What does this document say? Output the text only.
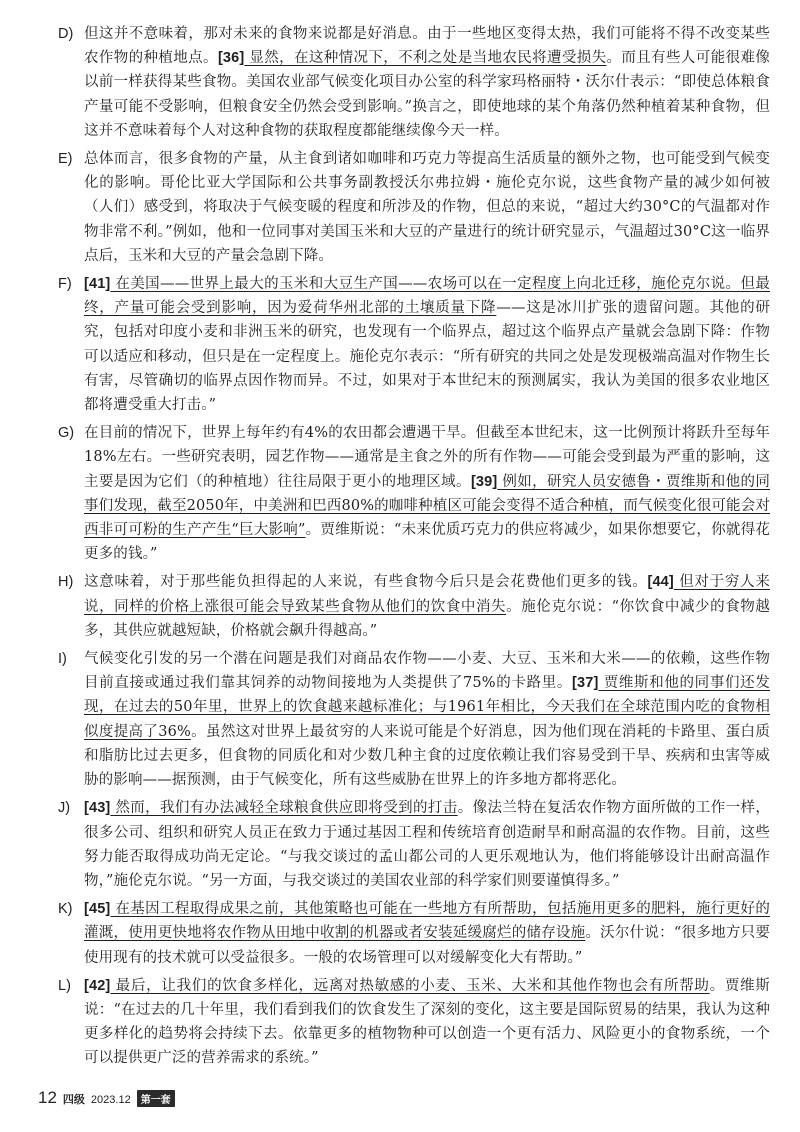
D) 但这并不意味着，那对未来的食物来说都是好消息。由于一些地区变得太热，我们可能将不得不改变某些农作物的种植地点。[36] 显然，在这种情况下，不利之处是当地农民将遭受损失。而且有些人可能很难像以前一样获得某些食物。美国农业部气候变化项目办公室的科学家玛格丽特・沃尔什表示：“即使总体粮食产量可能不受影响，但粮食安全仍然会受到影响。”换言之，即使地球的某个角落仍然种植着某种食物，但这并不意味着每个人对这种食物的获取程度都能继续像今天一样。
E) 总体而言，很多食物的产量，从主食到诸如咖啡和巧克力等提高生活质量的额外之物，也可能受到气候变化的影响。哥伦比亚大学国际和公共事务副教授沃尔弗拉姆・施伦克尔说，这些食物产量的减少如何被（人们）感受到，将取决于气候变暖的程度和所涉及的作物，但总的来说，“超过大约30°C的气温都对作物非常不利。”例如，他和一位同事对美国玉米和大豆的产量进行的统计研究显示，气温超过30°C这一临界点后，玉米和大豆的产量会急剧下降。
F) [41] 在美国——世界上最大的玉米和大豆生产国——农场可以在一定程度上向北迁移，施伦克尔说。但最终，产量可能会受到影响，因为爱荷华州北部的土壤质量下降——这是冰川扩张的遗留问题。其他的研究，包括对印度小麦和非洲玉米的研究，也发现有一个临界点，超过这个临界点产量就会急剧下降：作物可以适应和移动，但只是在一定程度上。施伦克尔表示：“所有研究的共同之处是发现极端高温对作物生长有害，尽管确切的临界点因作物而异。不过，如果对于本世纪末的预测属实，我认为美国的很多农业地区都将遭受重大打击。”
G) 在目前的情况下，世界上每年约有4%的农田都会遭遇干旱。但截至本世纪末，这一比例预计将跃升至每年18%左右。一些研究表明，园艺作物——通常是主食之外的所有作物——可能会受到最为严重的影响，这主要是因为它们（的种植地）往往局限于更小的地理区域。[39] 例如，研究人员安德鲁・贾维斯和他的同事们发现，截至2050年，中美洲和巴西80%的咖啡种植区可能会变得不适合种植，而气候变化很可能会对西非可可粉的生产产生“巨大影响”。贾维斯说：“未来优质巧克力的供应将减少，如果你想要它，你就得花更多的钱。”
H) 这意味着，对于那些能负担得起的人来说，有些食物今后只是会花费他们更多的钱。[44] 但对于穷人来说，同样的价格上涨很可能会导致某些食物从他们的饮食中消失。施伦克尔说：“你饮食中减少的食物越多，其供应就越短缺，价格就会飙升得越高。”
I)	气候变化引发的另一个潜在问题是我们对商品农作物——小麦、大豆、玉米和大米——的依赖，这些作物目前直接或通过我们靠其饲养的动物间接地为人类提供了75%的卡路里。[37] 贾维斯和他的同事们还发现，在过去的50年里，世界上的饮食越来越标准化；与1961年相比，今天我们在全球范围内吃的食物相似度提高了36%。虽然这对世界上最贫穷的人来说可能是个好消息，因为他们现在消耗的卡路里、蛋白质和脂肪比过去更多，但食物的同质化和对少数几种主食的过度依赖让我们容易受到干旱、疾病和虫害等威胁的影响——据预测，由于气候变化，所有这些威胁在世界上的许多地方都将恶化。
J) [43] 然而，我们有办法减轻全球粮食供应即将受到的打击。像法兰特在复活农作物方面所做的工作一样，很多公司、组织和研究人员正在致力于通过基因工程和传统培育创造耐旱和耐高温的农作物。目前，这些努力能否取得成功尚无定论。“与我交谈过的孟山都公司的人更乐观地认为，他们将能够设计出耐高温作物，”施伦克尔说。“另一方面，与我交谈过的美国农业部的科学家们则要谨慎得多。”
K) [45] 在基因工程取得成果之前，其他策略也可能在一些地方有所帮助，包括施用更多的肥料，施行更好的灌溉，使用更快地将农作物从田地中收割的机器或者安装延缓腐烂的储存设施。沃尔什说：“很多地方只要使用现有的技术就可以受益很多。一般的农场管理可以对缓解变化大有帮助。”
L) [42] 最后，让我们的饮食多样化，远离对热敏感的小麦、玉米、大米和其他作物也会有所帮助。贾维斯说：“在过去的几十年里，我们看到我们的饮食发生了深刻的变化，这主要是国际贸易的结果，我认为这种更多样化的趋势将会持续下去。依靠更多的植物物种可以创造一个更有活力、风险更小的食物系统，一个可以提供更广泛的营养需求的系统。”
12 四级 2023.12	第一套
